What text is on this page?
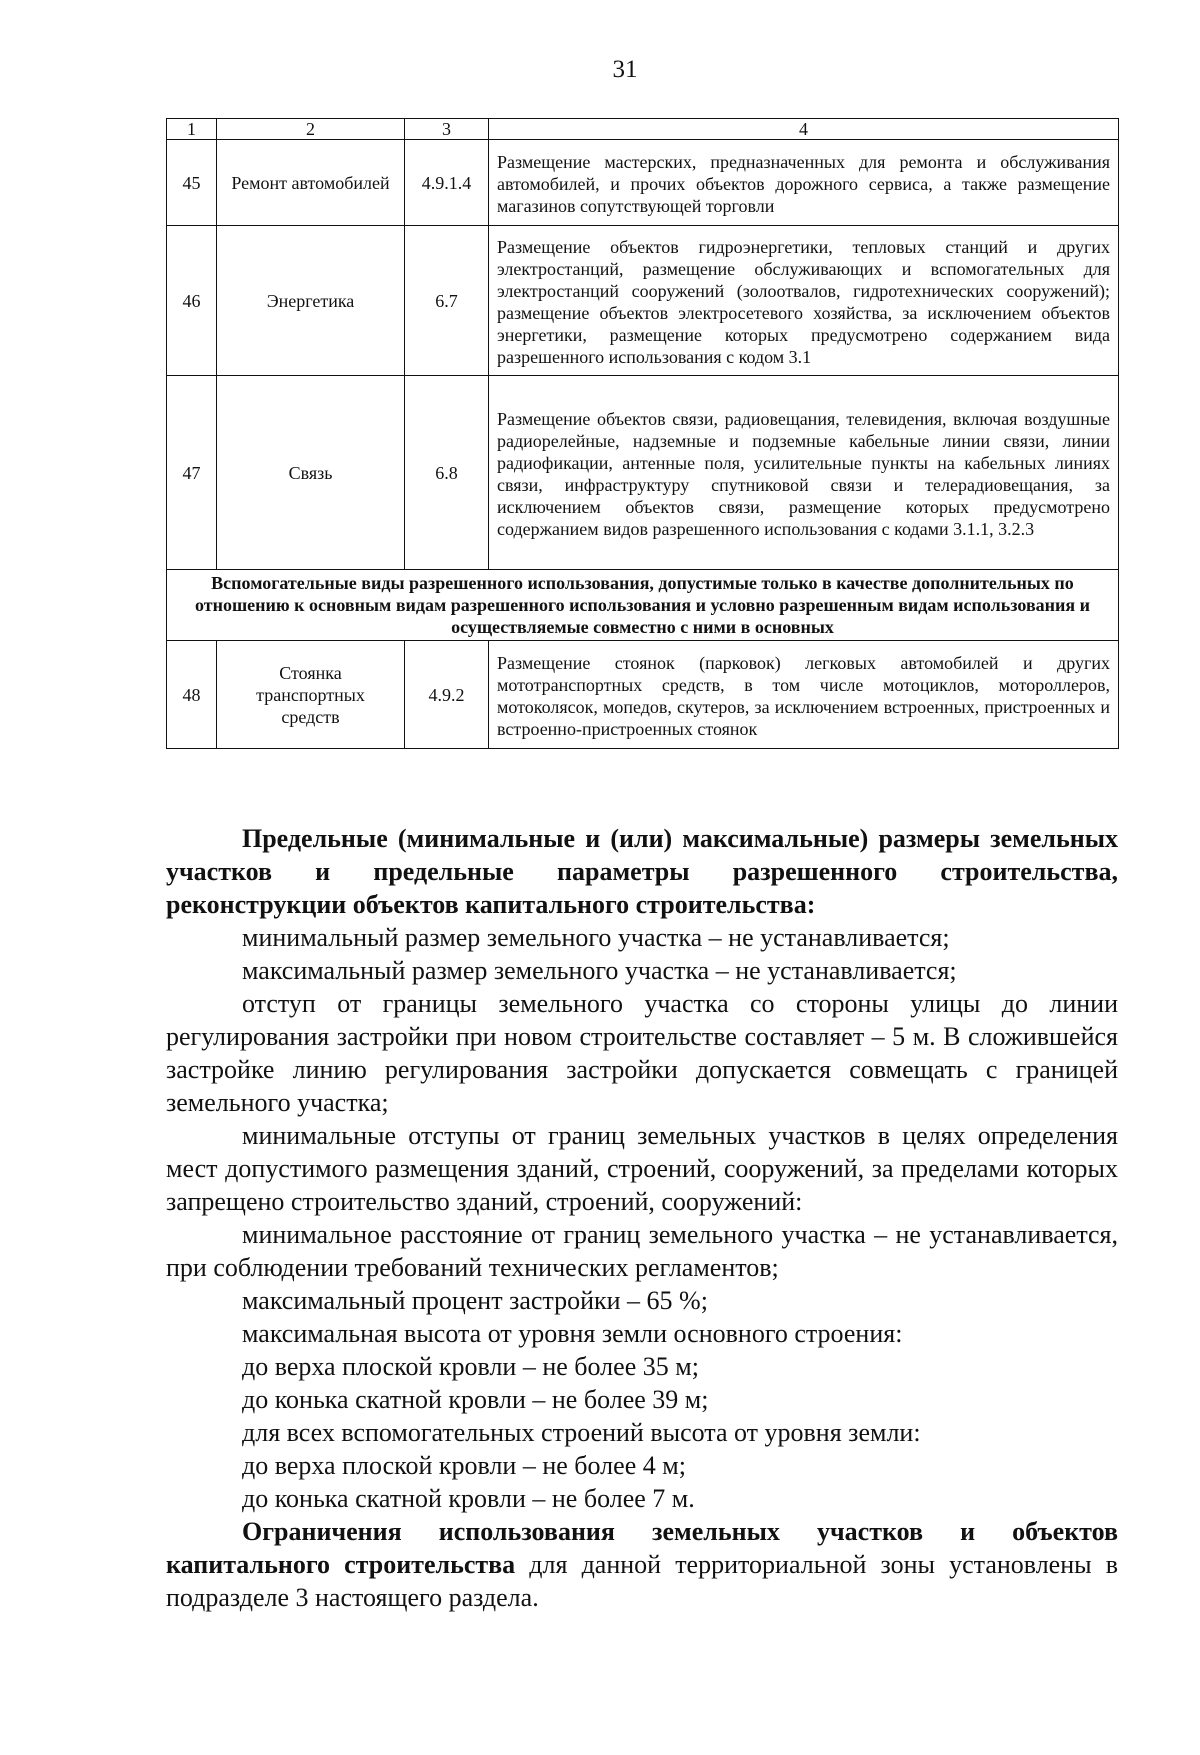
31
1	2	3	4
45	Ремонт автомобилей	4.9.1.4	Размещение мастерских, предназначенных для ремонта и обслуживания автомобилей, и прочих объектов дорожного сервиса, а также размещение магазинов сопутствующей торговли
46	Энергетика	6.7	Размещение объектов гидроэнергетики, тепловых станций и других электростанций, размещение обслуживающих и вспомогательных для электростанций сооружений (золоотвалов, гидротехнических сооружений); размещение объектов электросетевого хозяйства, за исключением объектов энергетики, размещение которых предусмотрено содержанием вида разрешенного использования с кодом 3.1
47	Связь	6.8	Размещение объектов связи, радиовещания, телевидения, включая воздушные радиорелейные, надземные и подземные кабельные линии связи, линии радиофикации, антенные поля, усилительные пункты на кабельных линиях связи, инфраструктуру спутниковой связи и телерадиовещания, за исключением объектов связи, размещение которых предусмотрено содержанием видов разрешенного использования с кодами 3.1.1, 3.2.3
Вспомогательные виды разрешенного использования, допустимые только в качестве дополнительных по отношению к основным видам разрешенного использования и условно разрешенным видам использования и осуществляемые совместно с ними в основных			
48	Стоянка транспортных средств	4.9.2	Размещение стоянок (парковок) легковых автомобилей и других мототранспортных средств, в том числе мотоциклов, мотороллеров, мотоколясок, мопедов, скутеров, за исключением встроенных, пристроенных и встроенно-пристроенных стоянок

Предельные (минимальные и (или) максимальные) размеры земельных участков и предельные параметры разрешенного строительства, реконструкции объектов капитального строительства:

минимальный размер земельного участка – не устанавливается;

максимальный размер земельного участка – не устанавливается;

отступ от границы земельного участка со стороны улицы до линии регулирования застройки при новом строительстве составляет – 5 м. В сложившейся застройке линию регулирования застройки допускается совмещать с границей земельного участка;

минимальные отступы от границ земельных участков в целях определения мест допустимого размещения зданий, строений, сооружений, за пределами которых запрещено строительство зданий, строений, сооружений:

минимальное расстояние от границ земельного участка – не устанавливается, при соблюдении требований технических регламентов;

максимальный процент застройки – 65 %;

максимальная высота от уровня земли основного строения:

до верха плоской кровли – не более 35 м;

до конька скатной кровли – не более 39 м;

для всех вспомогательных строений высота от уровня земли:

до верха плоской кровли – не более 4 м;

до конька скатной кровли – не более 7 м.

Ограничения использования земельных участков и объектов капитального строительства для данной территориальной зоны установлены в подразделе 3 настоящего раздела.
